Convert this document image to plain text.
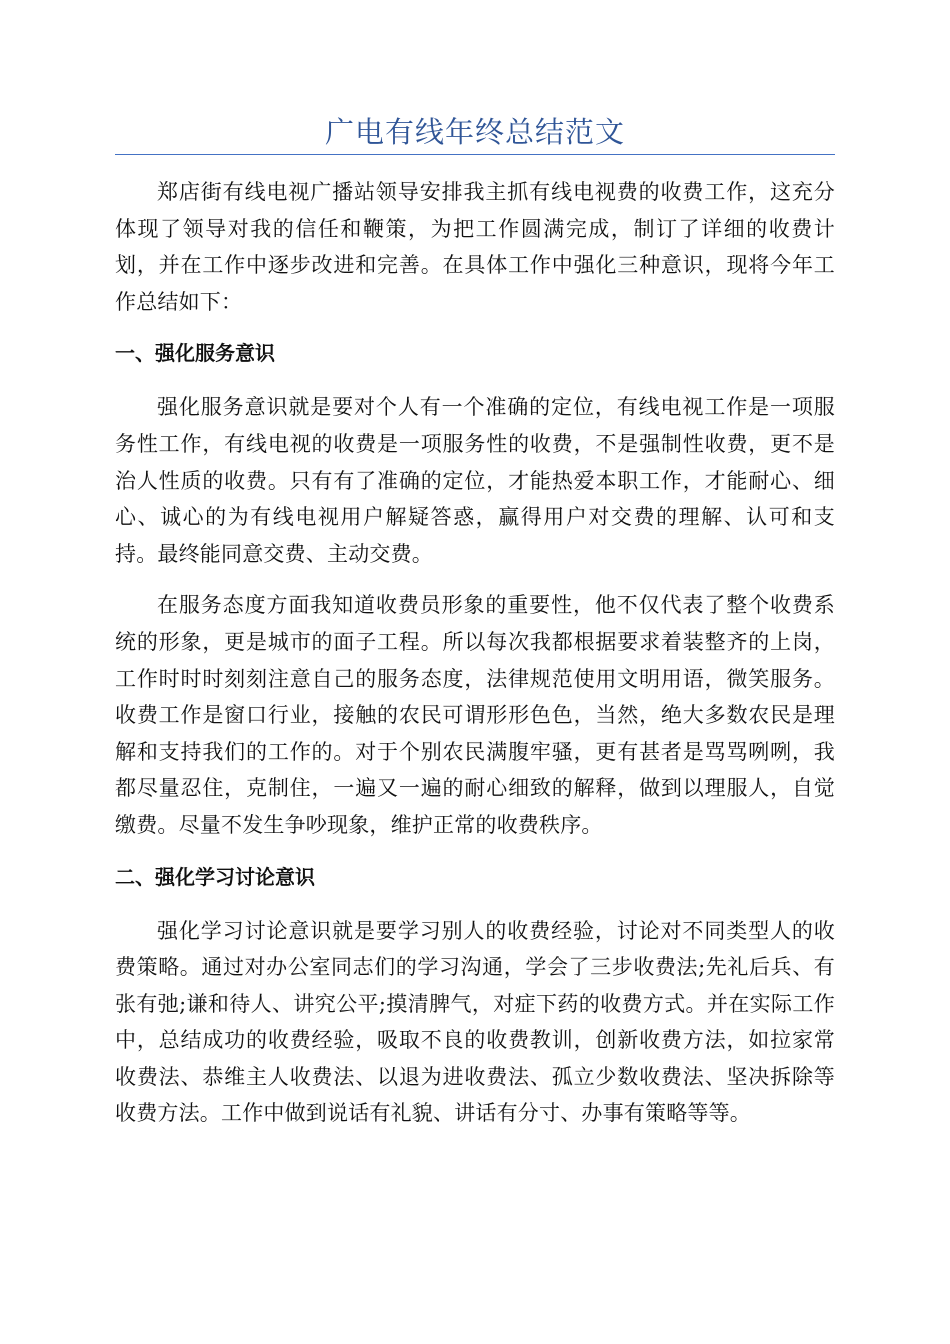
广电有线年终总结范文

郑店街有线电视广播站领导安排我主抓有线电视费的收费工作，这充分体现了领导对我的信任和鞭策，为把工作圆满完成，制订了详细的收费计划，并在工作中逐步改进和完善。在具体工作中强化三种意识，现将今年工作总结如下：

一、强化服务意识

强化服务意识就是要对个人有一个准确的定位，有线电视工作是一项服务性工作，有线电视的收费是一项服务性的收费，不是强制性收费，更不是治人性质的收费。只有有了准确的定位，才能热爱本职工作，才能耐心、细心、诚心的为有线电视用户解疑答惑，赢得用户对交费的理解、认可和支持。最终能同意交费、主动交费。

在服务态度方面我知道收费员形象的重要性，他不仅代表了整个收费系统的形象，更是城市的面子工程。所以每次我都根据要求着装整齐的上岗，工作时时时刻刻注意自己的服务态度，法律规范使用文明用语，微笑服务。收费工作是窗口行业，接触的农民可谓形形色色，当然，绝大多数农民是理解和支持我们的工作的。对于个别农民满腹牢骚，更有甚者是骂骂咧咧，我都尽量忍住，克制住，一遍又一遍的耐心细致的解释，做到以理服人，自觉缴费。尽量不发生争吵现象，维护正常的收费秩序。

二、强化学习讨论意识

强化学习讨论意识就是要学习别人的收费经验，讨论对不同类型人的收费策略。通过对办公室同志们的学习沟通，学会了三步收费法;先礼后兵、有张有弛;谦和待人、讲究公平;摸清脾气，对症下药的收费方式。并在实际工作中，总结成功的收费经验，吸取不良的收费教训，创新收费方法，如拉家常收费法、恭维主人收费法、以退为进收费法、孤立少数收费法、坚决拆除等收费方法。工作中做到说话有礼貌、讲话有分寸、办事有策略等等。
